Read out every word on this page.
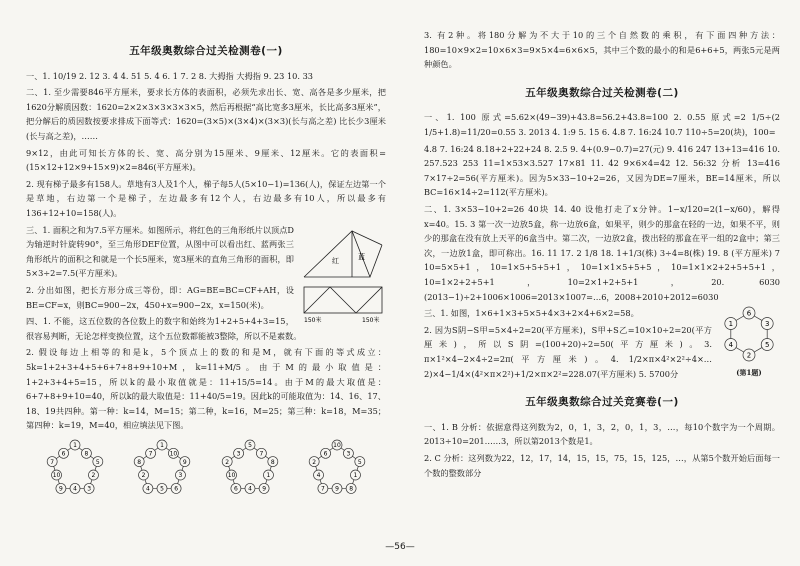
五年级奥数综合过关检测卷(一)

一、1. 10/19 2. 12 3. 4 4. 51 5. 4 6. 1 7. 2 8. 大拇指 大拇指 9. 23 10. 33

二、1. 至少需要846平方厘米，要求长方体的表面积，必须先求出长、宽、高各是多少厘米，把1620分解质因数：1620=2×2×3×3×3×3×5，然后再根据“高比宽多3厘米，长比高多3厘米”，把分解后的质因数按要求排成下面等式：1620=(3×5)×(3×4)×(3×3)(长与高之差) 比长少3厘米(长与高之差)，……

9×12，由此可知长方体的长、宽、高分别为15厘米、9厘米、12厘米。它的表面积=(15×12+12×9+15×9)×2=846(平方厘米)。

2. 现有梯子最多有158人。草地有3人及1个人，梯子每5人(5×10−1)=136(人)，保证左边第一个是草地，右边第一个是梯子，左边最多有12个人，右边最多有10人，所以最多有136+12+10=158(人)。

红	蓝

三、1. 面积之和为7.5平方厘米。如图所示，将红色的三角形纸片以顶点D为轴逆时针旋转90°，至三角形DEF位置，从图中可以看出红、蓝两张三角形纸片的面积之和就是一个长5厘米，宽3厘米的直角三角形的面积，即5×3÷2=7.5(平方厘米)。

150米	150米

2. 分出如图，把长方形分成三等份，即：AG=BE=BC=CF+AH，设BE=CF=x，则BC=900−2x，450+x=900−2x，x=150(米)。

四、1. 不能，这五位数的各位数上的数字和始终为1+2+5+4+3=15，很容易判断，无论怎样变换位置，这个五位数都能被3整除，所以不是素数。

2. 假设每边上相等的和是k，5个顶点上的数的和是M，就有下面的等式成立：5k=1+2+3+4+5+6+7+8+9+10+M，k=11+M/5。由于M的最小取值是：1+2+3+4+5=15，所以k的最小取值就是：11+15/5=14。由于M的最大取值是：6+7+8+9+10=40，所以k的最大取值是：11+40/5=19。因此k的可能取值为：14、16、17、18、19共四种。第一种：k=14，M=15；第二种，k=16，M=25；第三种：k=18，M=35；第四种：k=19，M=40，相应填法见下图。

1
8
5
2
3
4
9
10
7
6
1
10
9
3
6
5
4
2
8
7
5
7
8
1
9
4
6
10
2
3
10
3
5
1
8
9
7
4
2
6

3. 有2种。将180分解为不大于10的三个自然数的乘积，有下面四种方法：180=10×9×2=10×6×3=9×5×4=6×6×5，其中三个数的最小的和是6+6+5，两张5元是两种颜色。

五年级奥数综合过关检测卷(二)

一、1. 100 原式=5.62×(49−39)+43.8=56.2+43.8=100 2. 0.55 原式=2 1/5÷(2 1/5+1.8)=11/20=0.55 3. 2013 4. 1:9 5. 15 6. 4.8 7. 16:24 10.7 110÷5=20(块)，100=

4.8 7. 16:24 8.18+2+22+24 8. 2.5 9. 4+(0.9−0.7)=27(元) 9. 416 247 13+13=416 10. 257.523 253 11=1×53×3.527 17×81 11. 42 9×6×4=42 12. 56:32 分析 13=416 7×17÷2=56(平方厘米)。因为5×33−10+2=26，又因为DE=7厘米，BE=14厘米，所以BC=16×14÷2=112(平方厘米)。

二、1. 3×53−10+2=26 40块 14. 40 设他打走了x分钟。1−x/120=2(1−x/60)，解得x=40。15. 3 第一次一边放5盒，称一边放6盒，如果平，则少的那盒在轻的一边，如果不平，则少的那盒在没有放上天平的6盒当中。第二次，一边放2盒，拨出轻的那盒在平一组的2盒中；第三次，一边放1盒，即可称出。16. 11 17. 2 1/8 18. 1+1/3(株) 3÷4=8(株) 19. 8 (平方厘米) 7 10=5×5+1，10=1×5+5+5+1，10=1×1×5+5+5，10=1×1×2+2+5+5+1，10=1×2+2+5+1，10=2×1+2+5+1，20. 6030 (2013−1)÷2+1006×1006=2013×1007=…6，2008+2010+2012=6030

6
3
5
2
4
1
(第1题)

三、1. 如图，1×6+1×3+5×5+4×3+2×4+6×2=58。

2. 因为S阴−S甲=5×4÷2=20(平方厘米)，S甲+S乙=10×10÷2=20(平方厘米)，所以S阴=(100+20)÷2=50(平方厘米)。3. π×1²×4−2×4÷2=2π(平方厘米)。4. 1/2×π×4²×2²÷4×… 2)×4−1/4×(4²×π×2²)+1/2×π×2²=228.07(平方厘米) 5. 5700分

五年级奥数综合过关竞赛卷(一)

一、1. B 分析：依据意得这列数为2，0，1，3，2，0，1，3，…，每10个数字为一个周期。2013÷10=201……3，所以第2013个数是1。

2. C 分析：这列数为22，12，17，14，15，15，75，15，125，…，从第5个数开始后面每一个数的整数部分

—56—
